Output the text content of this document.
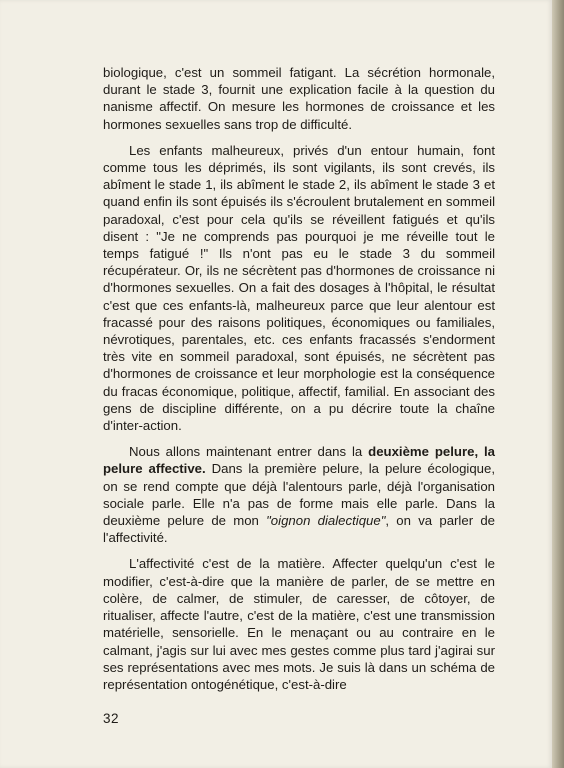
biologique, c'est un sommeil fatigant. La sécrétion hormonale, durant le stade 3, fournit une explication facile à la question du nanisme affectif. On mesure les hormones de croissance et les hormones sexuelles sans trop de difficulté.

Les enfants malheureux, privés d'un entour humain, font comme tous les déprimés, ils sont vigilants, ils sont crevés, ils abîment le stade 1, ils abîment le stade 2, ils abîment le stade 3 et quand enfin ils sont épuisés ils s'écroulent brutalement en sommeil paradoxal, c'est pour cela qu'ils se réveillent fatigués et qu'ils disent : "Je ne comprends pas pourquoi je me réveille tout le temps fatigué !" Ils n'ont pas eu le stade 3 du sommeil récupérateur. Or, ils ne sécrètent pas d'hormones de croissance ni d'hormones sexuelles. On a fait des dosages à l'hôpital, le résultat c'est que ces enfants-là, malheureux parce que leur alentour est fracassé pour des raisons politiques, économiques ou familiales, névrotiques, parentales, etc. ces enfants fracassés s'endorment très vite en sommeil paradoxal, sont épuisés, ne sécrètent pas d'hormones de croissance et leur morphologie est la conséquence du fracas économique, politique, affectif, familial. En associant des gens de discipline différente, on a pu décrire toute la chaîne d'inter-action.

Nous allons maintenant entrer dans la deuxième pelure, la pelure affective. Dans la première pelure, la pelure écologique, on se rend compte que déjà l'alentours parle, déjà l'organisation sociale parle. Elle n'a pas de forme mais elle parle. Dans la deuxième pelure de mon "oignon dialectique", on va parler de l'affectivité.

L'affectivité c'est de la matière. Affecter quelqu'un c'est le modifier, c'est-à-dire que la manière de parler, de se mettre en colère, de calmer, de stimuler, de caresser, de côtoyer, de ritualiser, affecte l'autre, c'est de la matière, c'est une transmission matérielle, sensorielle. En le menaçant ou au contraire en le calmant, j'agis sur lui avec mes gestes comme plus tard j'agirai sur ses représentations avec mes mots. Je suis là dans un schéma de représentation ontogénétique, c'est-à-dire

32
